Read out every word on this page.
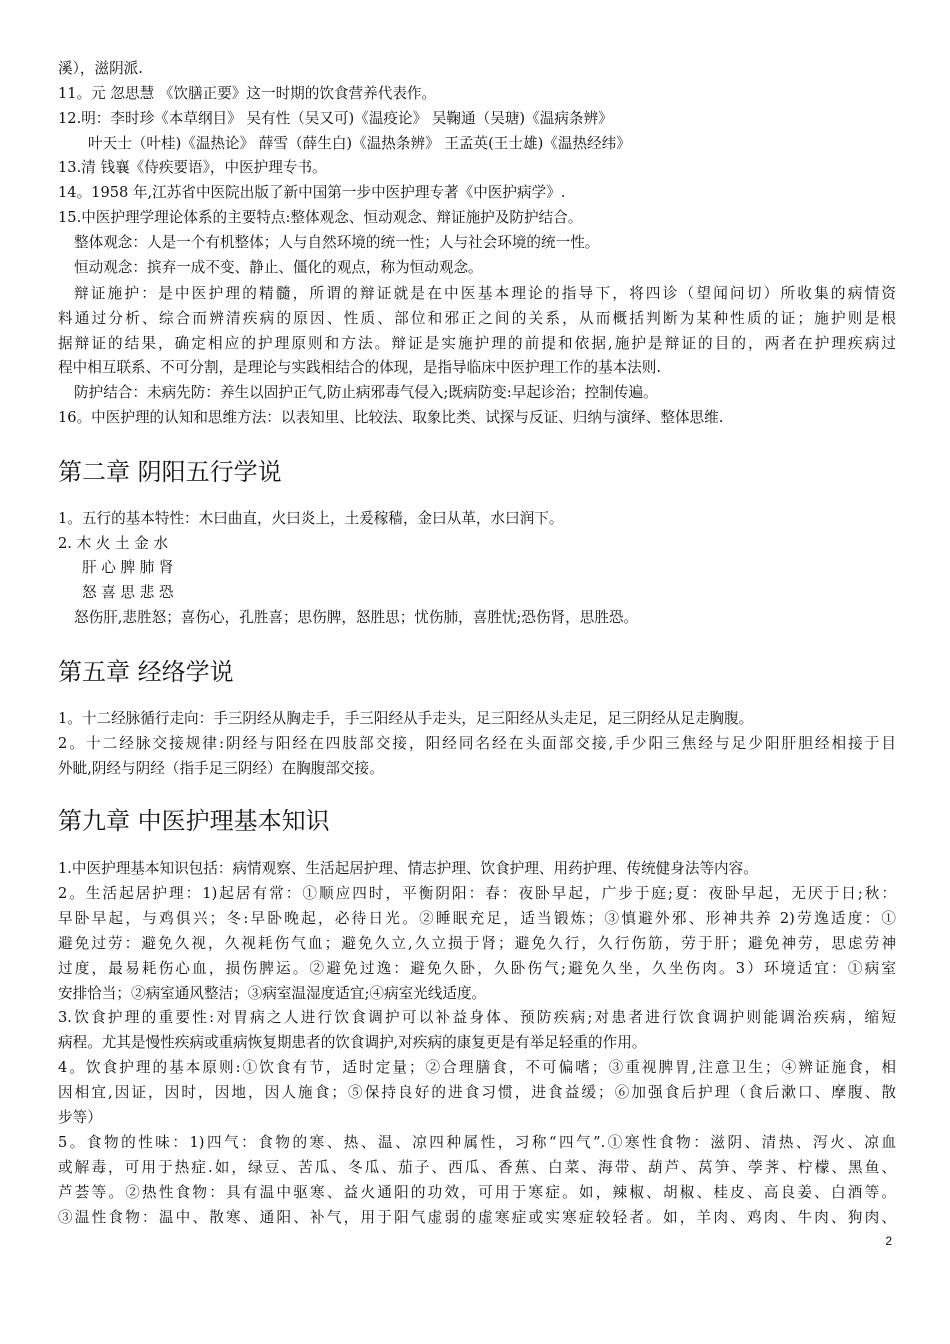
溪），滋阴派.
11。元 忽思慧 《饮膳正要》这一时期的饮食营养代表作。
12.明：李时珍《本草纲目》 吴有性（吴又可)《温疫论》 吴鞠通（吴瑭)《温病条辨》
叶天士（叶桂)《温热论》 薛雪（薛生白)《温热条辨》 王孟英(王士雄)《温热经纬》
13.清 钱襄《侍疾要语》，中医护理专书。
14。1958 年,江苏省中医院出版了新中国第一步中医护理专著《中医护病学》.
15.中医护理学理论体系的主要特点:整体观念、恒动观念、辩证施护及防护结合。
整体观念：人是一个有机整体；人与自然环境的统一性；人与社会环境的统一性。
恒动观念：摈弃一成不变、静止、僵化的观点，称为恒动观念。
辩证施护：是中医护理的精髓，所谓的辩证就是在中医基本理论的指导下，将四诊（望闻问切）所收集的病情资
料通过分析、综合而辨清疾病的原因、性质、部位和邪正之间的关系，从而概括判断为某种性质的证；施护则是根
据辩证的结果，确定相应的护理原则和方法。辩证是实施护理的前提和依据,施护是辩证的目的，两者在护理疾病过
程中相互联系、不可分割，是理论与实践相结合的体现，是指导临床中医护理工作的基本法则.
防护结合：未病先防：养生以固护正气,防止病邪毒气侵入;既病防变:早起诊治；控制传遍。
16。中医护理的认知和思维方法：以表知里、比较法、取象比类、试探与反证、归纳与演绎、整体思维.
第二章 阴阳五行学说
1。五行的基本特性：木曰曲直，火曰炎上，土爰稼穑，金曰从革，水曰润下。
2. 木 火 土 金 水
肝 心 脾 肺 肾
怒 喜 思 悲 恐
怒伤肝,悲胜怒；喜伤心，孔胜喜；思伤脾，怒胜思；忧伤肺，喜胜忧;恐伤肾，思胜恐。
第五章 经络学说
1。十二经脉循行走向：手三阴经从胸走手，手三阳经从手走头，足三阳经从头走足，足三阴经从足走胸腹。
2。十二经脉交接规律:阴经与阳经在四肢部交接，阳经同名经在头面部交接,手少阳三焦经与足少阳肝胆经相接于目
外眦,阴经与阴经（指手足三阴经）在胸腹部交接。
第九章 中医护理基本知识
1.中医护理基本知识包括：病情观察、生活起居护理、情志护理、饮食护理、用药护理、传统健身法等内容。
2。生活起居护理：1)起居有常：①顺应四时，平衡阴阳：春：夜卧早起，广步于庭;夏：夜卧早起，无厌于日;秋：
早卧早起，与鸡俱兴；冬:早卧晚起，必待日光。②睡眠充足，适当锻炼；③慎避外邪、形神共养 2)劳逸适度：①
避免过劳：避免久视，久视耗伤气血；避免久立,久立损于肾；避免久行，久行伤筋，劳于肝；避免神劳，思虑劳神
过度，最易耗伤心血，损伤脾运。②避免过逸：避免久卧，久卧伤气;避免久坐，久坐伤肉。3）环境适宜：①病室
安排恰当；②病室通风整洁；③病室温湿度适宜;④病室光线适度。
3.饮食护理的重要性:对胃病之人进行饮食调护可以补益身体、预防疾病;对患者进行饮食调护则能调治疾病，缩短
病程。尤其是慢性疾病或重病恢复期患者的饮食调护,对疾病的康复更是有举足轻重的作用。
4。饮食护理的基本原则:①饮食有节，适时定量；②合理膳食，不可偏嗜；③重视脾胃,注意卫生；④辨证施食，相
因相宜,因证，因时，因地，因人施食；⑤保持良好的进食习惯，进食益缓；⑥加强食后护理（食后漱口、摩腹、散
步等）
5。食物的性味：1)四气：食物的寒、热、温、凉四种属性，习称“四气”.①寒性食物：滋阴、清热、泻火、凉血
或解毒，可用于热症.如，绿豆、苦瓜、冬瓜、茄子、西瓜、香蕉、白菜、海带、葫芦、莴笋、荸荠、柠檬、黑鱼、
芦荟等。②热性食物：具有温中驱寒、益火通阳的功效，可用于寒症。如，辣椒、胡椒、桂皮、高良姜、白酒等。
③温性食物：温中、散寒、通阳、补气，用于阳气虚弱的虚寒症或实寒症较轻者。如，羊肉、鸡肉、牛肉、狗肉、
2
